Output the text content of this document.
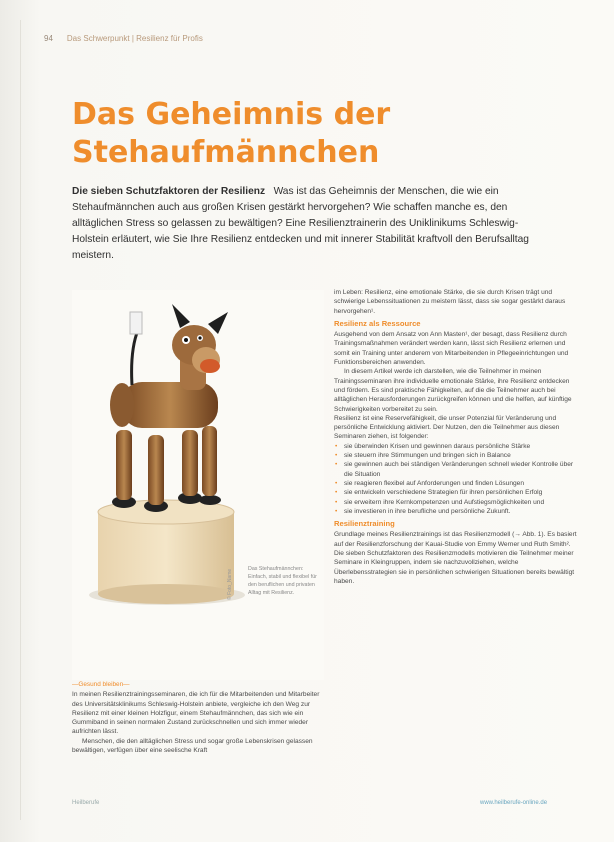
94 Das Schwerpunkt | Resilienz für Profis
Das Geheimnis der Stehaufmännchen
Die sieben Schutzfaktoren der Resilienz Was ist das Geheimnis der Menschen, die wie ein Stehaufmännchen auch aus großen Krisen gestärkt hervorgehen? Wie schaffen manche es, den alltäglichen Stress so gelassen zu bewältigen? Eine Resilienztrainerin des Uniklinikums Schleswig-Holstein erläutert, wie Sie Ihre Resilienz entdecken und mit innerer Stabilität kraftvoll den Berufsalltag meistern.
Das Stehaufmännchen: Einfach, stabil und flexibel für den beruflichen und privaten Alltag mit Resilienz.
© Foto_Name
—Gesund bleiben—

In meinen Resilienztrainingsseminaren, die ich für die Mitarbeitenden und Mitarbeiter des Universitätsklinikums Schleswig-Holstein anbiete, vergleiche ich den Weg zur Resilienz mit einer kleinen Holzfigur, einem Stehaufmännchen, das sich wie ein Gummiband in seinen normalen Zustand zurückschnellen und sich immer wieder aufrichten lässt.

Menschen, die den alltäglichen Stress und sogar große Lebenskrisen gelassen bewältigen, verfügen über eine seelische Kraft

im Leben: Resilienz, eine emotionale Stärke, die sie durch Krisen trägt und schwierige Lebenssituationen zu meistern lässt, dass sie sogar gestärkt daraus hervorgehen¹.

Resilienz als Ressource

Ausgehend von dem Ansatz von Ann Masten¹, der besagt, dass Resilienz durch Trainingsmaßnahmen verändert werden kann, lässt sich Resilienz erlernen und somit ein Training unter anderem von Mitarbeitenden in Pflegeeinrichtungen und Funktionsbereichen anwenden.

In diesem Artikel werde ich darstellen, wie die Teilnehmer in meinen Trainingsseminaren ihre individuelle emotionale Stärke, ihre Resilienz entdecken und fördern. Es sind praktische Fähigkeiten, auf die die Teilnehmer auch bei alltäglichen Herausforderungen zurückgreifen können und die helfen, auf künftige Schwierigkeiten vorbereitet zu sein.

Resilienz ist eine Reservefähigkeit, die unser Potenzial für Veränderung und persönliche Entwicklung aktiviert. Der Nutzen, den die Teilnehmer aus diesen Seminaren ziehen, ist folgender:

• sie überwinden Krisen und gewinnen daraus persönliche Stärke
• sie steuern ihre Stimmungen und bringen sich in Balance
• sie gewinnen auch bei ständigen Veränderungen schnell wieder Kontrolle über die Situation
• sie reagieren flexibel auf Anforderungen und finden Lösungen
• sie entwickeln verschiedene Strategien für ihren persönlichen Erfolg
• sie erweitern ihre Kernkompetenzen und Aufstiegsmöglichkeiten und
• sie investieren in ihre berufliche und persönliche Zukunft.
Resilienztraining

Grundlage meines Resilienztrainings ist das Resilienzmodell (→ Abb. 1). Es basiert auf der Resilienzforschung der Kauai-Studie von Emmy Werner und Ruth Smith². Die sieben Schutzfaktoren des Resilienzmodells motivieren die Teilnehmer meiner Seminare in Kleingruppen, indem sie nachzuvollziehen, welche Überlebensstrategien sie in persönlichen schwierigen Situationen bereits bewältigt haben.

Heilberufe	www.heilberufe-online.de
